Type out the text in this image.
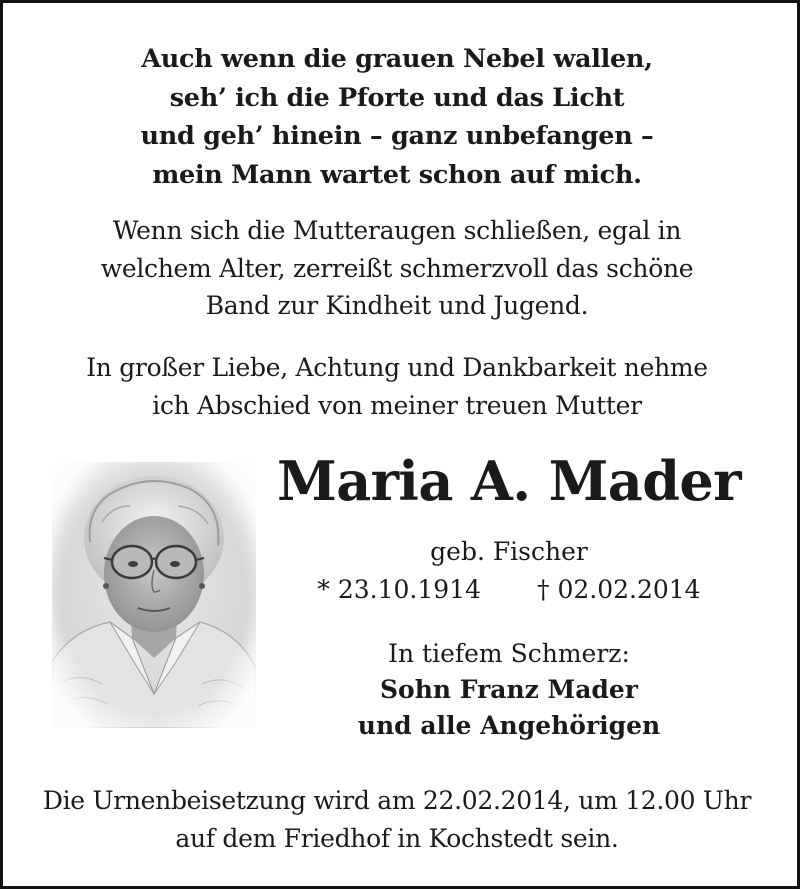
Auch wenn die grauen Nebel wallen,
seh’ ich die Pforte und das Licht
und geh’ hinein – ganz unbefangen –
mein Mann wartet schon auf mich.
Wenn sich die Mutteraugen schließen, egal in
welchem Alter, zerreißt schmerzvoll das schöne
Band zur Kindheit und Jugend.
In großer Liebe, Achtung und Dankbarkeit nehme
ich Abschied von meiner treuen Mutter
Maria A. Mader
geb. Fischer
* 23.10.1914 † 02.02.2014
In tiefem Schmerz:
Sohn Franz Mader
und alle Angehörigen
Die Urnenbeisetzung wird am 22.02.2014, um 12.00 Uhr
auf dem Friedhof in Kochstedt sein.
